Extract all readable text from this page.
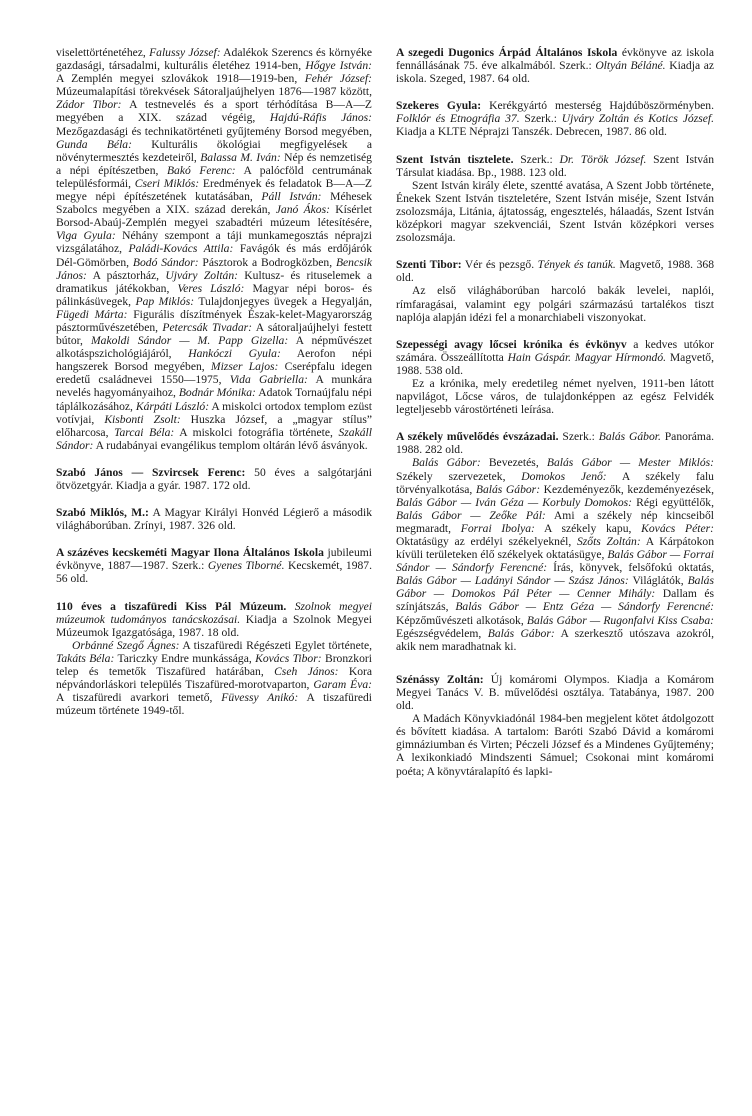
viselettörténetéhez, Falussy József: Adalékok Szerencs és környéke gazdasági, társadalmi, kulturális életéhez 1914-ben, Hőgye István: A Zemplén megyei szlovákok 1918—1919-ben, Fehér József: Múzeumalapítási törekvések Sátoraljaújhelyen 1876—1987 között, Zádor Tibor: A testnevelés és a sport térhódítása B—A—Z megyében a XIX. század végéig, Hajdú-Ráfis János: Mezőgazdasági és technikatörténeti gyűjtemény Borsod megyében, Gunda Béla: Kulturális ökológiai megfigyelések a növénytermesztés kezdeteiről, Balassa M. Iván: Nép és nemzetiség a népi építészetben, Bakó Ferenc: A palócföld centrumának településformái, Cseri Miklós: Eredmények és feladatok B—A—Z megye népi építészetének kutatásában, Páll István: Méhesek Szabolcs megyében a XIX. század derekán, Janó Ákos: Kísérlet Borsod-Abaúj-Zemplén megyei szabadtéri múzeum létesítésére, Viga Gyula: Néhány szempont a táji munkamegosztás néprajzi vizsgálatához, Paládi-Kovács Attila: Favágók és más erdőjárók Dél-Gömörben, Bodó Sándor: Pásztorok a Bodrogközben, Bencsik János: A pásztorház, Ujváry Zoltán: Kultusz- és rituselemek a dramatikus játékokban, Veres László: Magyar népi boros- és pálinkásüvegek, Pap Miklós: Tulajdonjegyes üvegek a Hegyalján, Fügedi Márta: Figurális díszítmények Észak-kelet-Magyarország pásztorművészetében, Petercsák Tivadar: A sátoraljaújhelyi festett bútor, Makoldi Sándor — M. Papp Gizella: A népművészet alkotáspszichológiájáról, Hankóczi Gyula: Aerofon népi hangszerek Borsod megyében, Mizser Lajos: Cserépfalu idegen eredetű családnevei 1550—1975, Vida Gabriella: A munkára nevelés hagyományaihoz, Bodnár Mónika: Adatok Tornaújfalu népi táplálkozásához, Kárpáti László: A miskolci ortodox templom ezüst votívjai, Kisbonti Zsolt: Huszka József, a „magyar stílus” előharcosa, Tarcai Béla: A miskolci fotográfia története, Szakáll Sándor: A rudabányai evangélikus templom oltárán lévő ásványok.

Szabó János — Szvircsek Ferenc: 50 éves a salgótarjáni ötvözetgyár. Kiadja a gyár. 1987. 172 old.

Szabó Miklós, M.: A Magyar Királyi Honvéd Légierő a második világháborúban. Zrínyi, 1987. 326 old.

A százéves kecskeméti Magyar Ilona Általános Iskola jubileumi évkönyve, 1887—1987. Szerk.: Gyenes Tiborné. Kecskemét, 1987. 56 old.

110 éves a tiszafüredi Kiss Pál Múzeum. Szolnok megyei múzeumok tudományos tanácskozásai. Kiadja a Szolnok Megyei Múzeumok Igazgatósága, 1987. 18 old.

Orbánné Szegő Ágnes: A tiszafüredi Régészeti Egylet története, Takáts Béla: Tariczky Endre munkássága, Kovács Tibor: Bronzkori telep és temetők Tiszafüred határában, Cseh János: Kora népvándorláskori település Tiszafüred-morotvaparton, Garam Éva: A tiszafüredi avarkori temető, Füvessy Anikó: A tiszafüredi múzeum története 1949-től.

A szegedi Dugonics Árpád Általános Iskola évkönyve az iskola fennállásának 75. éve alkalmából. Szerk.: Oltyán Béláné. Kiadja az iskola. Szeged, 1987. 64 old.

Szekeres Gyula: Kerékgyártó mesterség Hajdúböszörményben. Folklór és Etnográfia 37. Szerk.: Ujváry Zoltán és Kotics József. Kiadja a KLTE Néprajzi Tanszék. Debrecen, 1987. 86 old.

Szent István tisztelete. Szerk.: Dr. Török József. Szent István Társulat kiadása. Bp., 1988. 123 old.

Szent István király élete, szentté avatása, A Szent Jobb története, Énekek Szent István tiszteletére, Szent István miséje, Szent István zsolozsmája, Litánia, ájtatosság, engesztelés, hálaadás, Szent István középkori magyar szekvenciái, Szent István középkori verses zsolozsmája.

Szenti Tibor: Vér és pezsgő. Tények és tanúk. Magvető, 1988. 368 old.

Az első világháborúban harcoló bakák levelei, naplói, rímfaragásai, valamint egy polgári származású tartalékos tiszt naplója alapján idézi fel a monarchiabeli viszonyokat.

Szepességi avagy lőcsei krónika és évkönyv a kedves utókor számára. Összeállította Hain Gáspár. Magyar Hírmondó. Magvető, 1988. 538 old.

Ez a krónika, mely eredetileg német nyelven, 1911-ben látott napvilágot, Lőcse város, de tulajdonképpen az egész Felvidék legteljesebb várostörténeti leírása.

A székely művelődés évszázadai. Szerk.: Balás Gábor. Panoráma. 1988. 282 old.

Balás Gábor: Bevezetés, Balás Gábor — Mester Miklós: Székely szervezetek, Domokos Jenő: A székely falu törvényalkotása, Balás Gábor: Kezdeményezők, kezdeményezések, Balás Gábor — Iván Géza — Korbuly Domokos: Régi együttélők, Balás Gábor — Zeőke Pál: Ami a székely nép kincseiből megmaradt, Forrai Ibolya: A székely kapu, Kovács Péter: Oktatásügy az erdélyi székelyeknél, Szőts Zoltán: A Kárpátokon kívüli területeken élő székelyek oktatásügye, Balás Gábor — Forrai Sándor — Sándorfy Ferencné: Írás, könyvek, felsőfokú oktatás, Balás Gábor — Ladányi Sándor — Szász János: Világlátók, Balás Gábor — Domokos Pál Péter — Cenner Mihály: Dallam és színjátszás, Balás Gábor — Entz Géza — Sándorfy Ferencné: Képzőművészeti alkotások, Balás Gábor — Rugonfalvi Kiss Csaba: Egészségvédelem, Balás Gábor: A szerkesztő utószava azokról, akik nem maradhatnak ki.

Szénássy Zoltán: Új komáromi Olympos. Kiadja a Komárom Megyei Tanács V. B. művelődési osztálya. Tatabánya, 1987. 200 old.

A Madách Könyvkiadónál 1984-ben megjelent kötet átdolgozott és bővített kiadása. A tartalom: Baróti Szabó Dávid a komáromi gimnáziumban és Virten; Péczeli József és a Mindenes Gyűjtemény; A lexikonkiadó Mindszenti Sámuel; Csokonai mint komáromi poéta; A könyvtáralapító és lapki-
